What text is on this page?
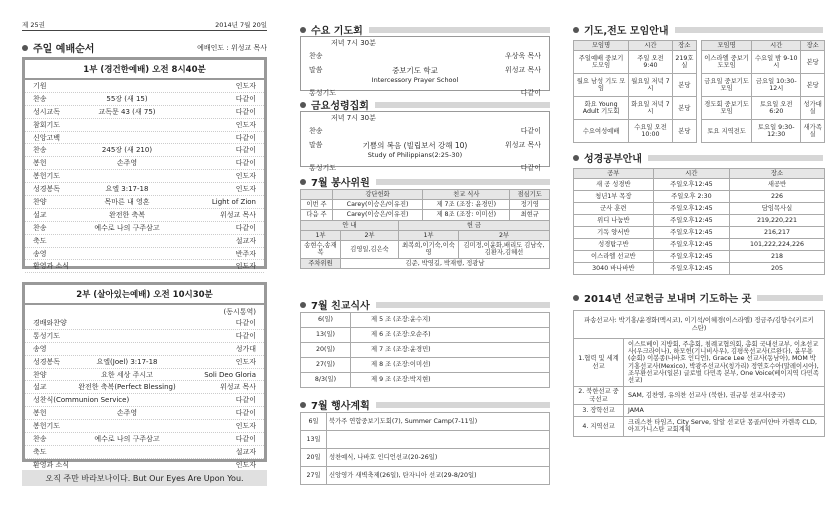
제 25권	2014년 7월 20일
주일 예배순서	예배인도 : 위성교 목사
1부 (경건한예배) 오전 8시40분
기원	인도자
찬송	55장 (새 15)	다같이
성시교독	교독문 43 (새 75)	다같이
참회기도	인도자
신앙고백	다같이
찬송	245장 (새 210)	다같이
봉헌	손주영	다같이
봉헌기도	인도자
성경봉독	요엘 3:17-18	인도자
찬양	목마른 내 영혼	Light of Zion
설교	완전한 축복	위성교 목사
찬송	예수로 나의 구주삼고	다같이
축도	설교자
송영	반주자
환영과 소식	인도자
2부 (살아있는예배) 오전 10시30분
(동시통역)
경배와찬양	다같이
통성기도	다같이
송영	성가대
성경봉독	요엘(Joel) 3:17-18	인도자
찬양	요한 세상 주시고	Soli Deo Gloria
설교	완전한 축복(Perfect Blessing)	위성교 목사
성찬식(Communion Service)	다같이
봉헌	손주영	다같이
봉헌기도	인도자
찬송	예수로 나의 구주삼고	다같이
축도	설교자
환영과 소식	인도자
오직 주만 바라보나이다. But Our Eyes Are Upon You.
수요 기도회
저녁 7시 30분
찬송	우상욱 목사
말씀	중보기도 학교
Intercessory Prayer School
위성교 목사
통성기도	다같이
금요성령집회
저녁 7시 30분
찬송	다같이
말씀	기쁨의 복음 (빌립보서 강해 10)
Study of Philippians(2:25-30)
위성교 목사
통성기도	다같이
7월 봉사위원
	강단헌화	친교 식사	점심기도
이번 주	Carey(이승은/이유진)	제 7조 (조장: 윤경민)	정기영
다음 주	Carey(이승은/이유진)	제 8조 (조장: 이미선)	최현규
안 내		헌 금	
1부	2부	1부	2부
송현수,송재복	김영일,김은숙	최복희,이기숙,이숙영	김미정,이윤화,배리도 김남숙,김환자,김혜선
주차위원	김준, 박영길, 박재행, 정광남
7월 친교식사
6(일)	제 5 조 (조장:윤수지)
13(일)	제 6 조 (조장:오순주)
20(일)	제 7 조 (조장:윤경민)
27(일)	제 8 조 (조장:이미선)
8/3(일)	제 9 조 (조장:박지현)
7월 행사계획
6일	북가주 연합중보기도회(7), Summer Camp(7-11일)
13일	
20일	성찬예식, 나바호 인디언선교(20-26일)
27일	신앙영가 새벽축제(26일), 탄자니아 선교(29-8/20일)
기도,전도 모임안내
모임명	시간	장소
주일예배 중보기도모임	주일 오전 9:40	219호실
월요 남성 기도 모임	월요일 저녁 7시	본당
화요 Young Adult 기도회	화요일 저녁 7시	본당
수요여성예배	수요일 오전 10:00	본당
모임명	시간	장소
이스라엘 중보기도모임	수요일 밤 9-10시	본당
금요일 중보기도모임	금요일 10:30-12시	본당
경도회 중보기도모임	토요일 오전 6:20	성가대실
토요 지역전도	토요일 9:30-12:30	새가족실
성경공부안내
공부	시간	장소
새 공 성경반	주일오후12:45	새공반
청년1부 목장	주일오후 2:30	226
군사 훈련	주일오후12:45	담임목사실
위디 나눔반	주일오후12:45	219,220,221
기독 양서반	주일오후12:45	216,217
성경탐구반	주일오후12:45	101,222,224,226
이스라엘 선교반	주일오후12:45	218
3040 바나바반	주일오후12:45	205
2014년 선교헌금 보내며 기도하는 곳
파송선교사: 박기홍/윤경화(멕시코), 이기석/이혜경(이스라엘) 정금주/김향수(키르키스탄)	
1.협력 및 세계선교	이스트베이 지방회, 주총회, 침례교협의회, 총회 국내선교부, 이초선교사(우크라이나), 하모헌(기니비사우), 김평욱선교사(르완다), 윤무용(순회) 이봉종(나바호 인디언), Grace Lee 선교사(동남아), MOM 박기홍선교사(Mexico), 박광주선교사(칭가리) 정연호수아(말레이시아), 조무환선교사(일본) 글로벌 다민족 본부, One Voice(베이지역 다민족선교)
2. 북한선교 중국선교	SAM, 김찬영, 유의찬 선교사 (북한), 권규봉 선교사(중국)
3. 장학선교	JAMA
4. 지역선교	크리스찬 타임즈, City Serve, 알알 선교단 몽골/미얀마 카렌족 CLD, 아프가니스탄 교회계획
